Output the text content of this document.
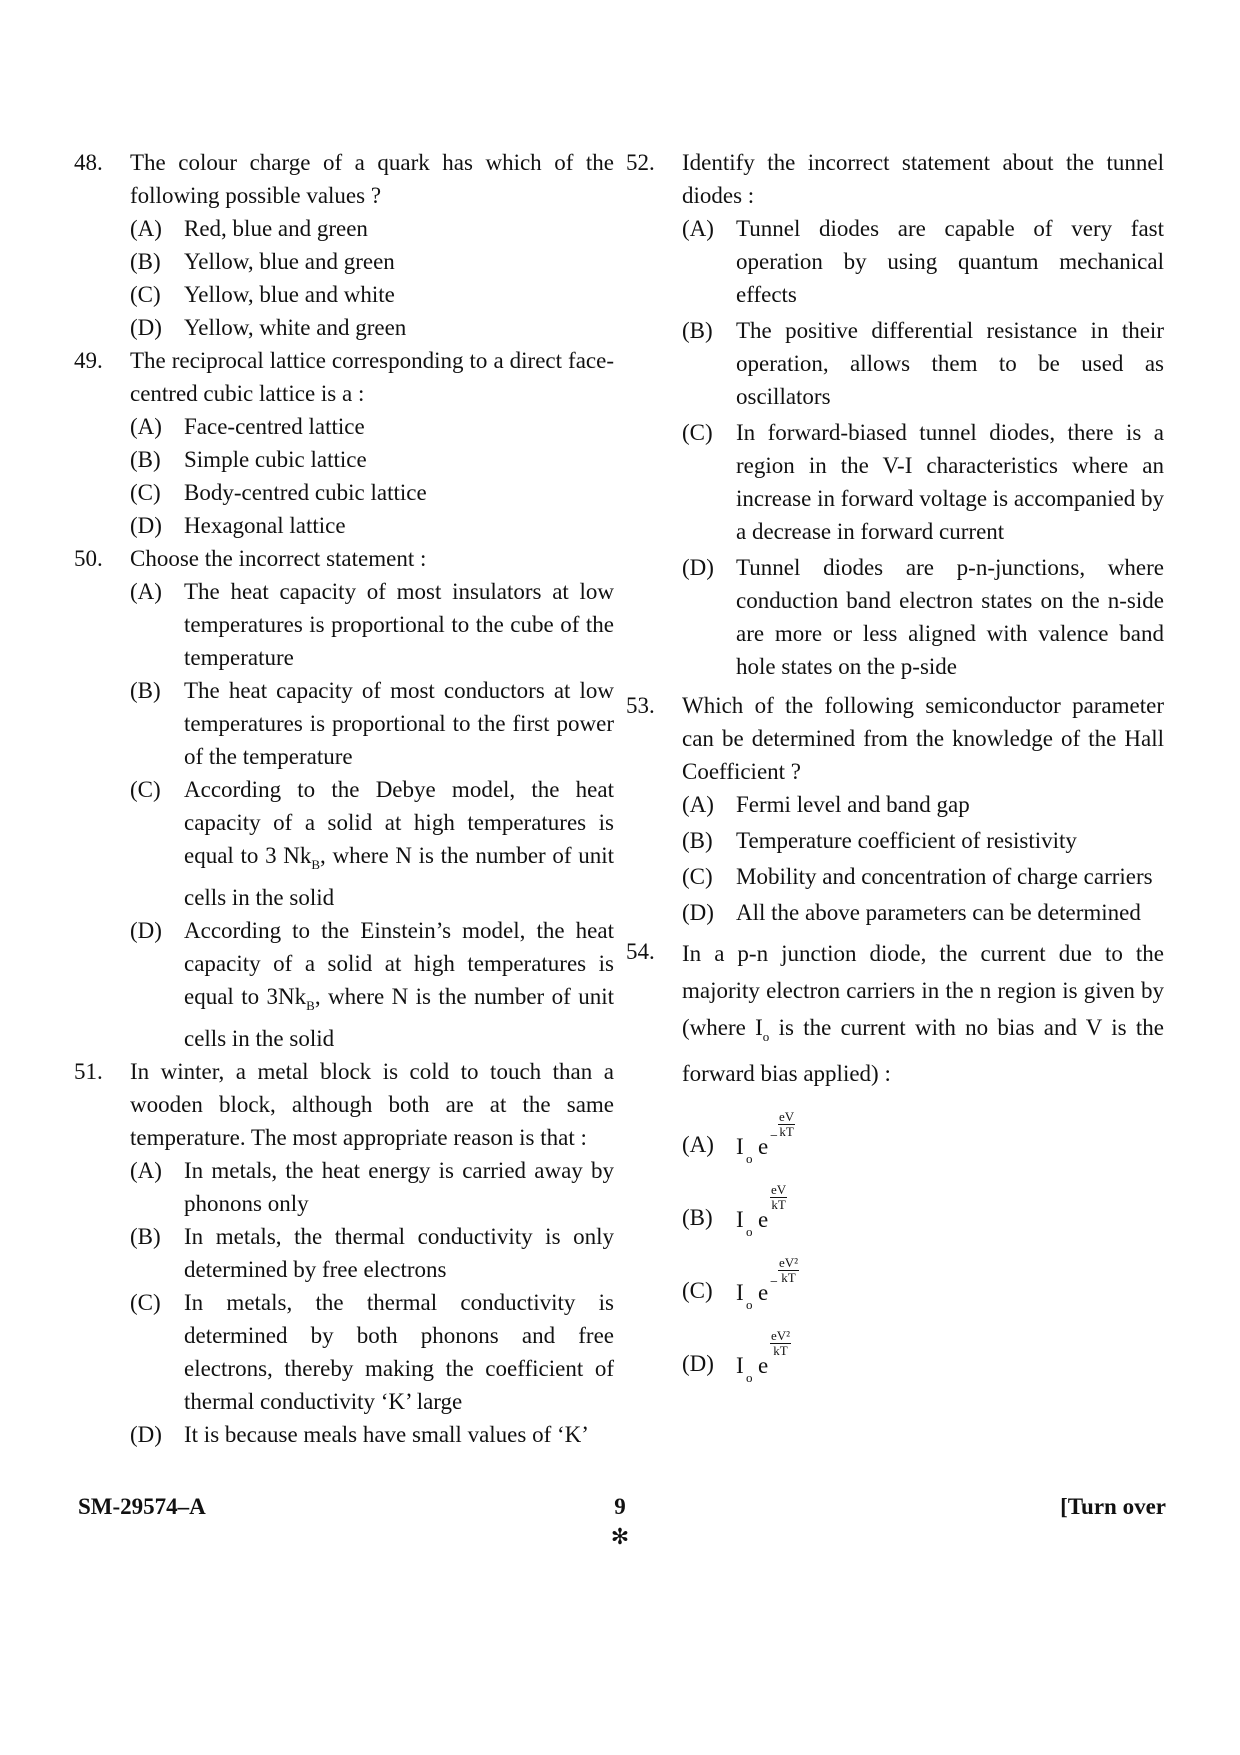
48. The colour charge of a quark has which of the following possible values ?
(A) Red, blue and green
(B) Yellow, blue and green
(C) Yellow, blue and white
(D) Yellow, white and green
49. The reciprocal lattice corresponding to a direct face-centred cubic lattice is a :
(A) Face-centred lattice
(B) Simple cubic lattice
(C) Body-centred cubic lattice
(D) Hexagonal lattice
50. Choose the incorrect statement :
(A) The heat capacity of most insulators at low temperatures is proportional to the cube of the temperature
(B) The heat capacity of most conductors at low temperatures is proportional to the first power of the temperature
(C) According to the Debye model, the heat capacity of a solid at high temperatures is equal to 3 $Nk_B$, where N is the number of unit cells in the solid
(D) According to the Einstein’s model, the heat capacity of a solid at high temperatures is equal to $3Nk_B$, where N is the number of unit cells in the solid
51. In winter, a metal block is cold to touch than a wooden block, although both are at the same temperature. The most appropriate reason is that :
(A) In metals, the heat energy is carried away by phonons only
(B) In metals, the thermal conductivity is only determined by free electrons
(C) In metals, the thermal conductivity is determined by both phonons and free electrons, thereby making the coefficient of thermal conductivity ‘K’ large
(D) It is because meals have small values of ‘K’
52. Identify the incorrect statement about the tunnel diodes :
(A) Tunnel diodes are capable of very fast operation by using quantum mechanical effects
(B) The positive differential resistance in their operation, allows them to be used as oscillators
(C) In forward-biased tunnel diodes, there is a region in the V-I characteristics where an increase in forward voltage is accompanied by a decrease in forward current
(D) Tunnel diodes are p-n-junctions, where conduction band electron states on the n-side are more or less aligned with valence band hole states on the p-side
53. Which of the following semiconductor parameter can be determined from the knowledge of the Hall Coefficient ?
(A) Fermi level and band gap
(B) Temperature coefficient of resistivity
(C) Mobility and concentration of charge carriers
(D) All the above parameters can be determined
54. In a p-n junction diode, the current due to the majority electron carriers in the n region is given by (where $I_o$ is the current with no bias and V is the forward bias applied) :
(A) I o $e - \frac{eV}{kT}$
(B) I o e
$\frac{eV}{kT}$
(C) I o $e - \frac{\text{eV²}}{kT}$
(D) I o e
$\frac{\text{eV²}}{kT}$
SM-29574–A	9
✻
[Turn over
